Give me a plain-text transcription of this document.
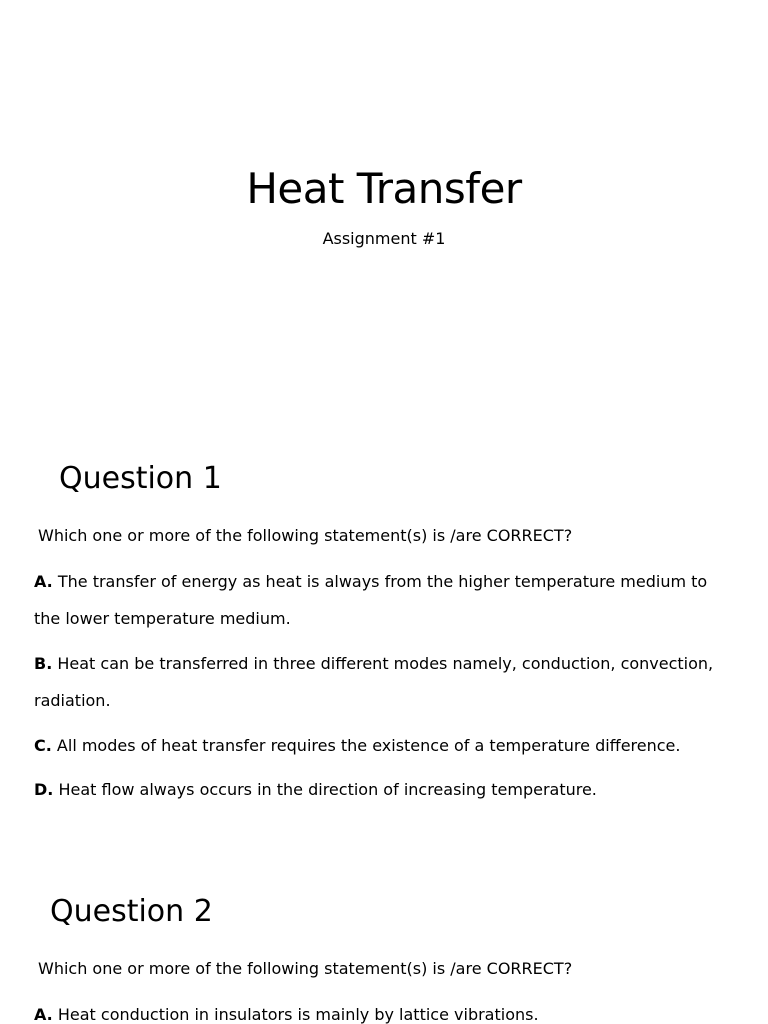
Heat Transfer
Assignment #1
Question 1
Which one or more of the following statement(s) is /are CORRECT?
A. The transfer of energy as heat is always from the higher temperature medium to the lower temperature medium.
B. Heat can be transferred in three different modes namely, conduction, convection, radiation.
C. All modes of heat transfer requires the existence of a temperature difference.
D. Heat flow always occurs in the direction of increasing temperature.
Question 2
Which one or more of the following statement(s) is /are CORRECT?
A. Heat conduction in insulators is mainly by lattice vibrations.
